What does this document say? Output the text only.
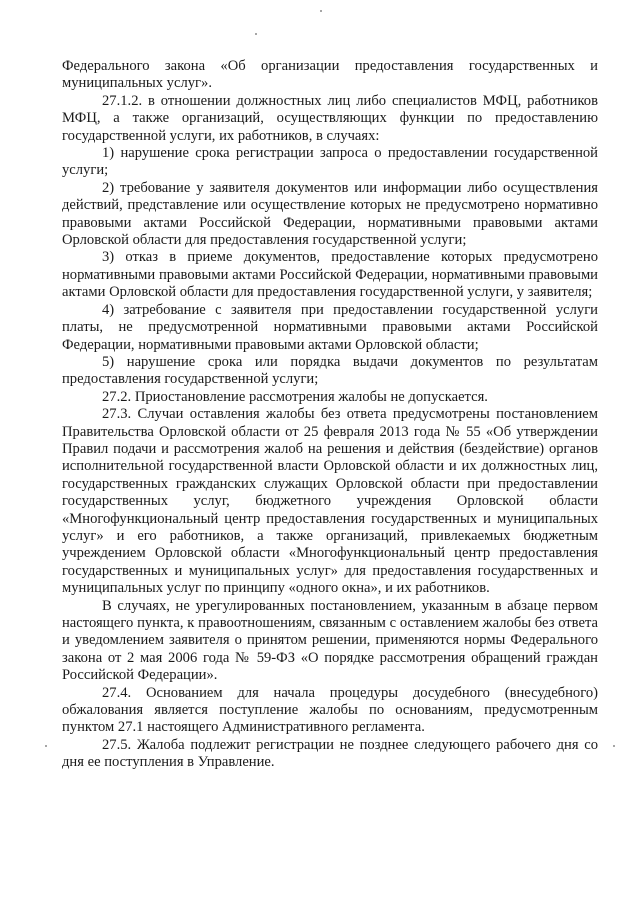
Федерального закона «Об организации предоставления государственных и муниципальных услуг».

27.1.2. в отношении должностных лиц либо специалистов МФЦ, работников МФЦ, а также организаций, осуществляющих функции по предоставлению государственной услуги, их работников, в случаях:

1) нарушение срока регистрации запроса о предоставлении государственной услуги;

2) требование у заявителя документов или информации либо осуществления действий, представление или осуществление которых не предусмотрено нормативно правовыми актами Российской Федерации, нормативными правовыми актами Орловской области для предоставления государственной услуги;

3) отказ в приеме документов, предоставление которых предусмотрено нормативными правовыми актами Российской Федерации, нормативными правовыми актами Орловской области для предоставления государственной услуги, у заявителя;

4) затребование с заявителя при предоставлении государственной услуги платы, не предусмотренной нормативными правовыми актами Российской Федерации, нормативными правовыми актами Орловской области;

5) нарушение срока или порядка выдачи документов по результатам предоставления государственной услуги;

27.2. Приостановление рассмотрения жалобы не допускается.

27.3. Случаи оставления жалобы без ответа предусмотрены постановлением Правительства Орловской области от 25 февраля 2013 года № 55 «Об утверждении Правил подачи и рассмотрения жалоб на решения и действия (бездействие) органов исполнительной государственной власти Орловской области и их должностных лиц, государственных гражданских служащих Орловской области при предоставлении государственных услуг, бюджетного учреждения Орловской области «Многофункциональный центр предоставления государственных и муниципальных услуг» и его работников, а также организаций, привлекаемых бюджетным учреждением Орловской области «Многофункциональный центр предоставления государственных и муниципальных услуг» для предоставления государственных и муниципальных услуг по принципу «одного окна», и их работников.

В случаях, не урегулированных постановлением, указанным в абзаце первом настоящего пункта, к правоотношениям, связанным с оставлением жалобы без ответа и уведомлением заявителя о принятом решении, применяются нормы Федерального закона от 2 мая 2006 года № 59-ФЗ «О порядке рассмотрения обращений граждан Российской Федерации».

27.4. Основанием для начала процедуры досудебного (внесудебного) обжалования является поступление жалобы по основаниям, предусмотренным пунктом 27.1 настоящего Административного регламента.

27.5. Жалоба подлежит регистрации не позднее следующего рабочего дня со дня ее поступления в Управление.
